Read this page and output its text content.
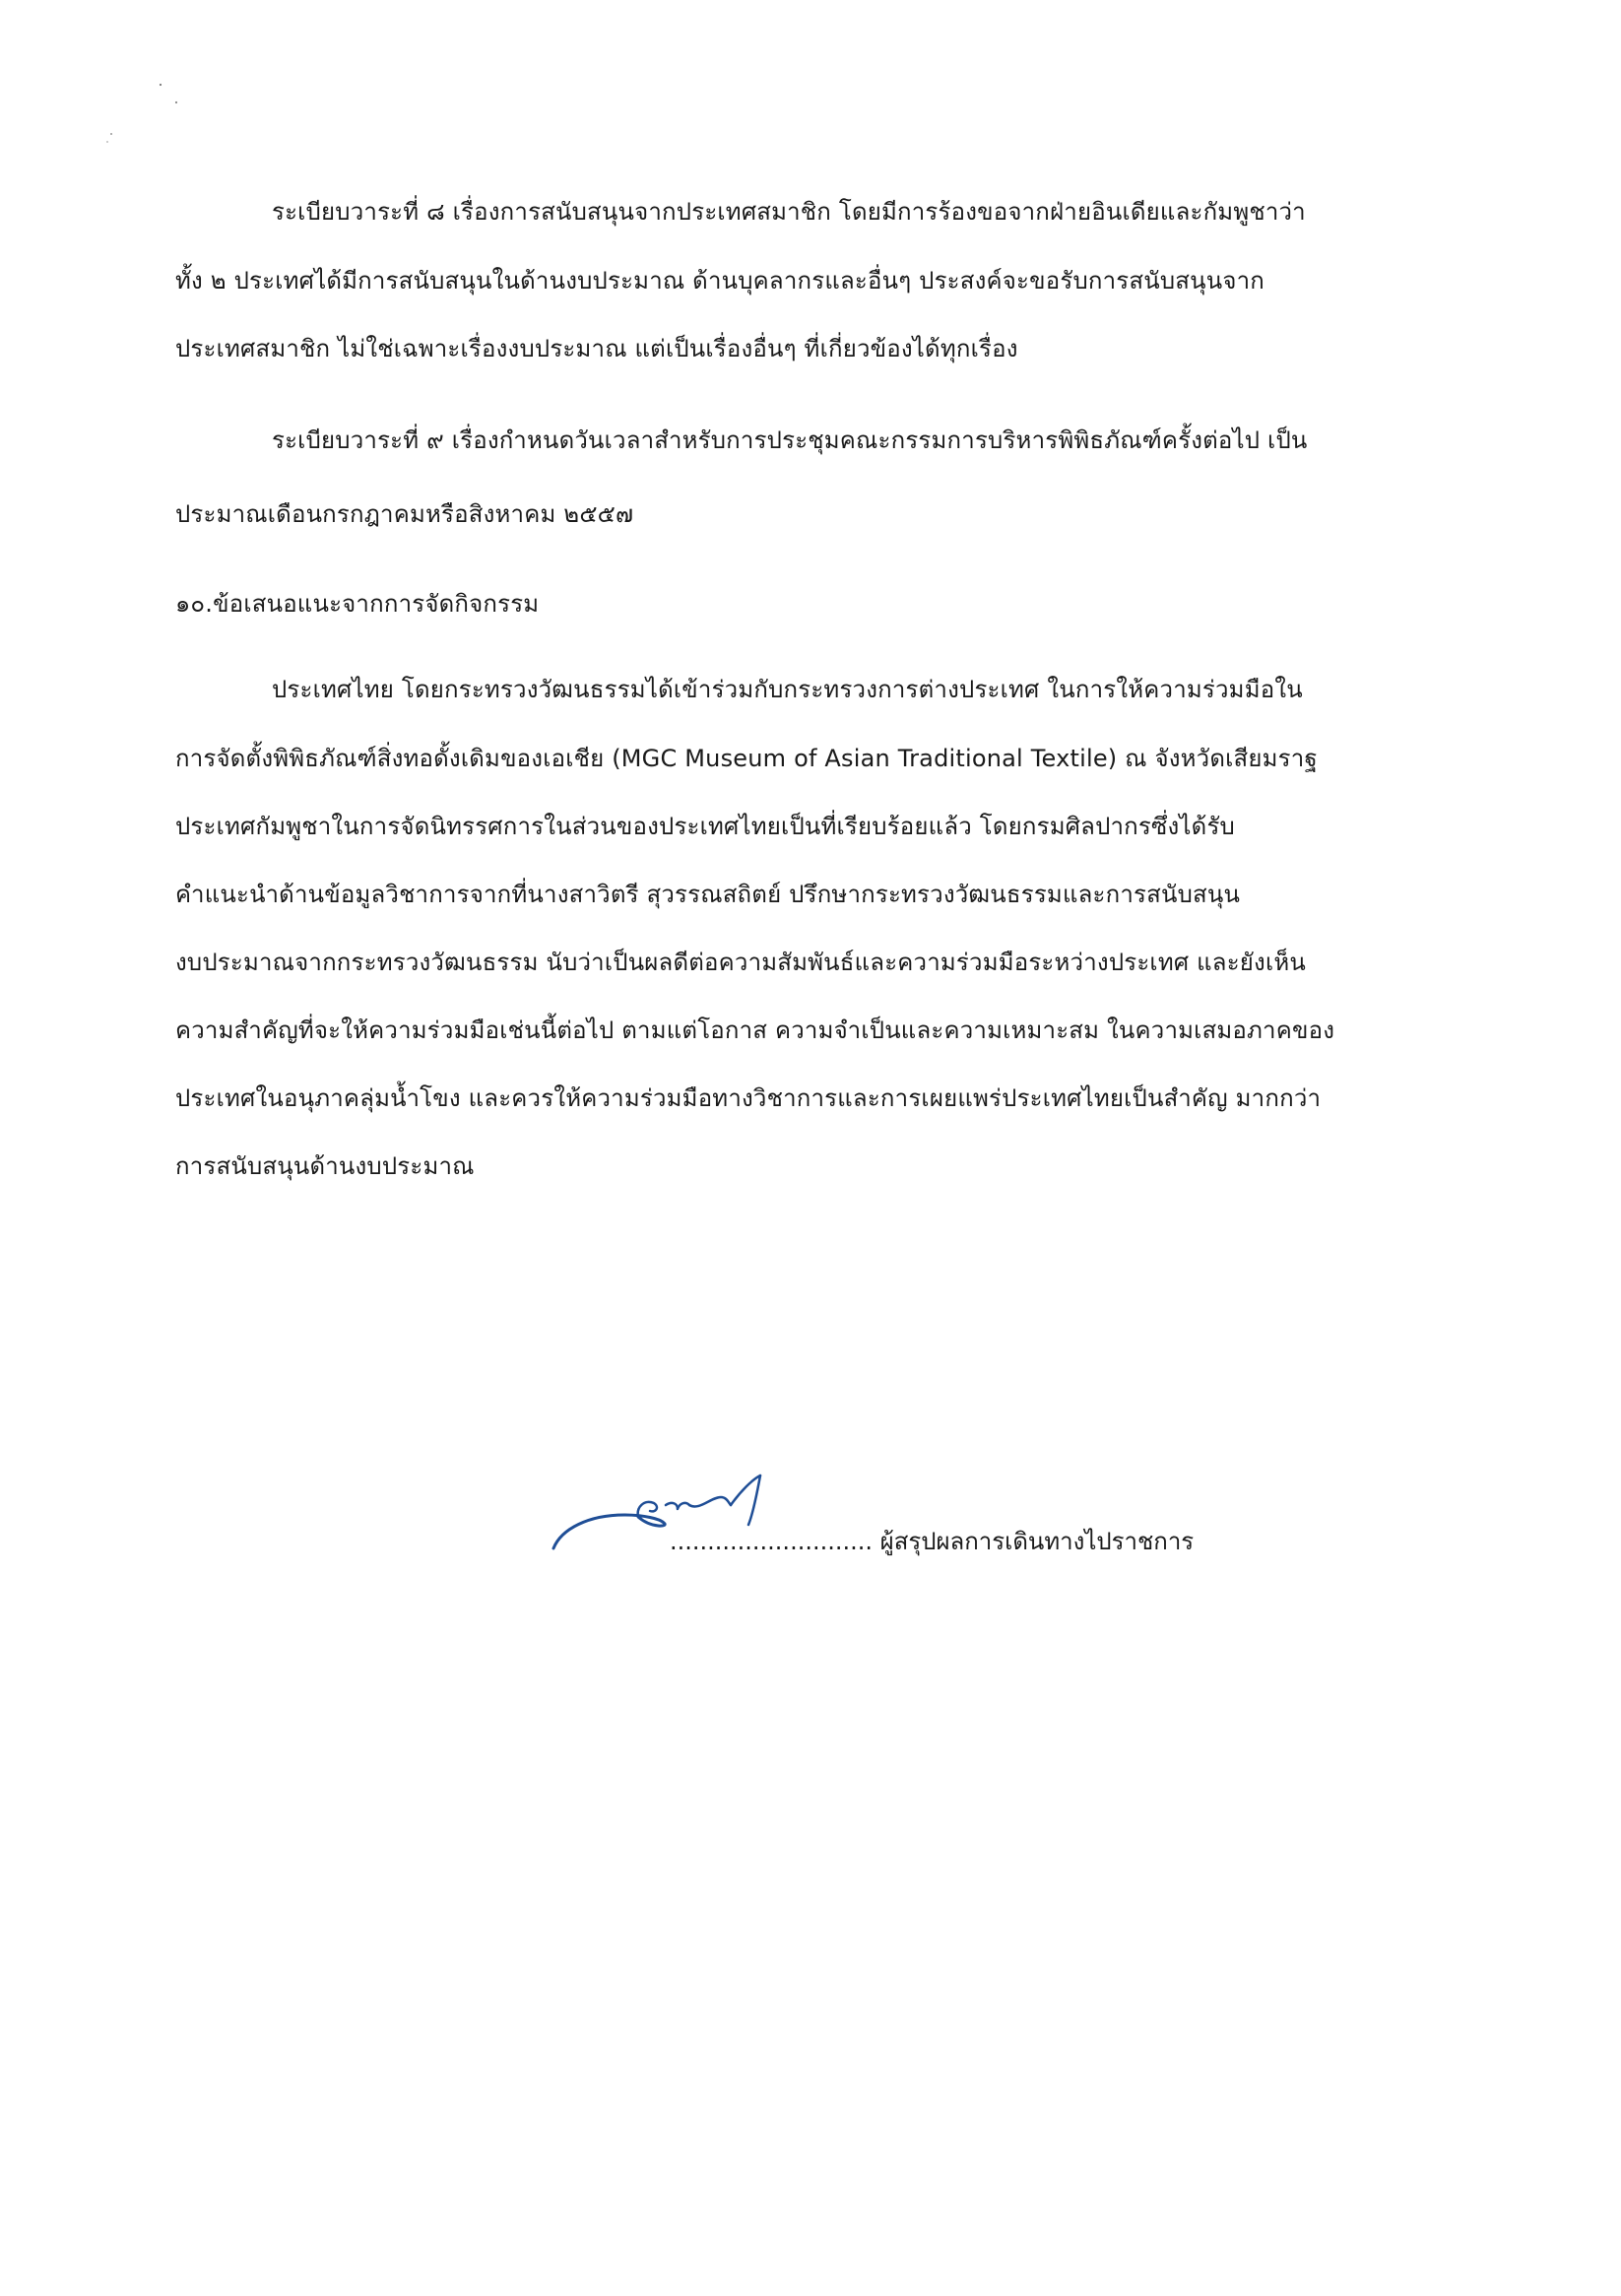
ระเบียบวาระที่ ๘ เรื่องการสนับสนุนจากประเทศสมาชิก โดยมีการร้องขอจากฝ่ายอินเดียและกัมพูชาว่า
ทั้ง ๒ ประเทศได้มีการสนับสนุนในด้านงบประมาณ ด้านบุคลากรและอื่นๆ ประสงค์จะขอรับการสนับสนุนจาก
ประเทศสมาชิก ไม่ใช่เฉพาะเรื่องงบประมาณ แต่เป็นเรื่องอื่นๆ ที่เกี่ยวข้องได้ทุกเรื่อง
ระเบียบวาระที่ ๙ เรื่องกำหนดวันเวลาสำหรับการประชุมคณะกรรมการบริหารพิพิธภัณฑ์ครั้งต่อไป เป็น
ประมาณเดือนกรกฎาคมหรือสิงหาคม ๒๕๕๗
๑๐.ข้อเสนอแนะจากการจัดกิจกรรม
ประเทศไทย โดยกระทรวงวัฒนธรรมได้เข้าร่วมกับกระทรวงการต่างประเทศ ในการให้ความร่วมมือใน
การจัดตั้งพิพิธภัณฑ์สิ่งทอดั้งเดิมของเอเชีย (MGC Museum of Asian Traditional Textile) ณ จังหวัดเสียมราฐ
ประเทศกัมพูชาในการจัดนิทรรศการในส่วนของประเทศไทยเป็นที่เรียบร้อยแล้ว โดยกรมศิลปากรซึ่งได้รับ
คำแนะนำด้านข้อมูลวิชาการจากที่นางสาวิตรี สุวรรณสถิตย์ ปรึกษากระทรวงวัฒนธรรมและการสนับสนุน
งบประมาณจากกระทรวงวัฒนธรรม นับว่าเป็นผลดีต่อความสัมพันธ์และความร่วมมือระหว่างประเทศ และยังเห็น
ความสำคัญที่จะให้ความร่วมมือเช่นนี้ต่อไป ตามแต่โอกาส ความจำเป็นและความเหมาะสม ในความเสมอภาคของ
ประเทศในอนุภาคลุ่มน้ำโขง และควรให้ความร่วมมือทางวิชาการและการเผยแพร่ประเทศไทยเป็นสำคัญ มากกว่า
การสนับสนุนด้านงบประมาณ
........................... ผู้สรุปผลการเดินทางไปราชการ
